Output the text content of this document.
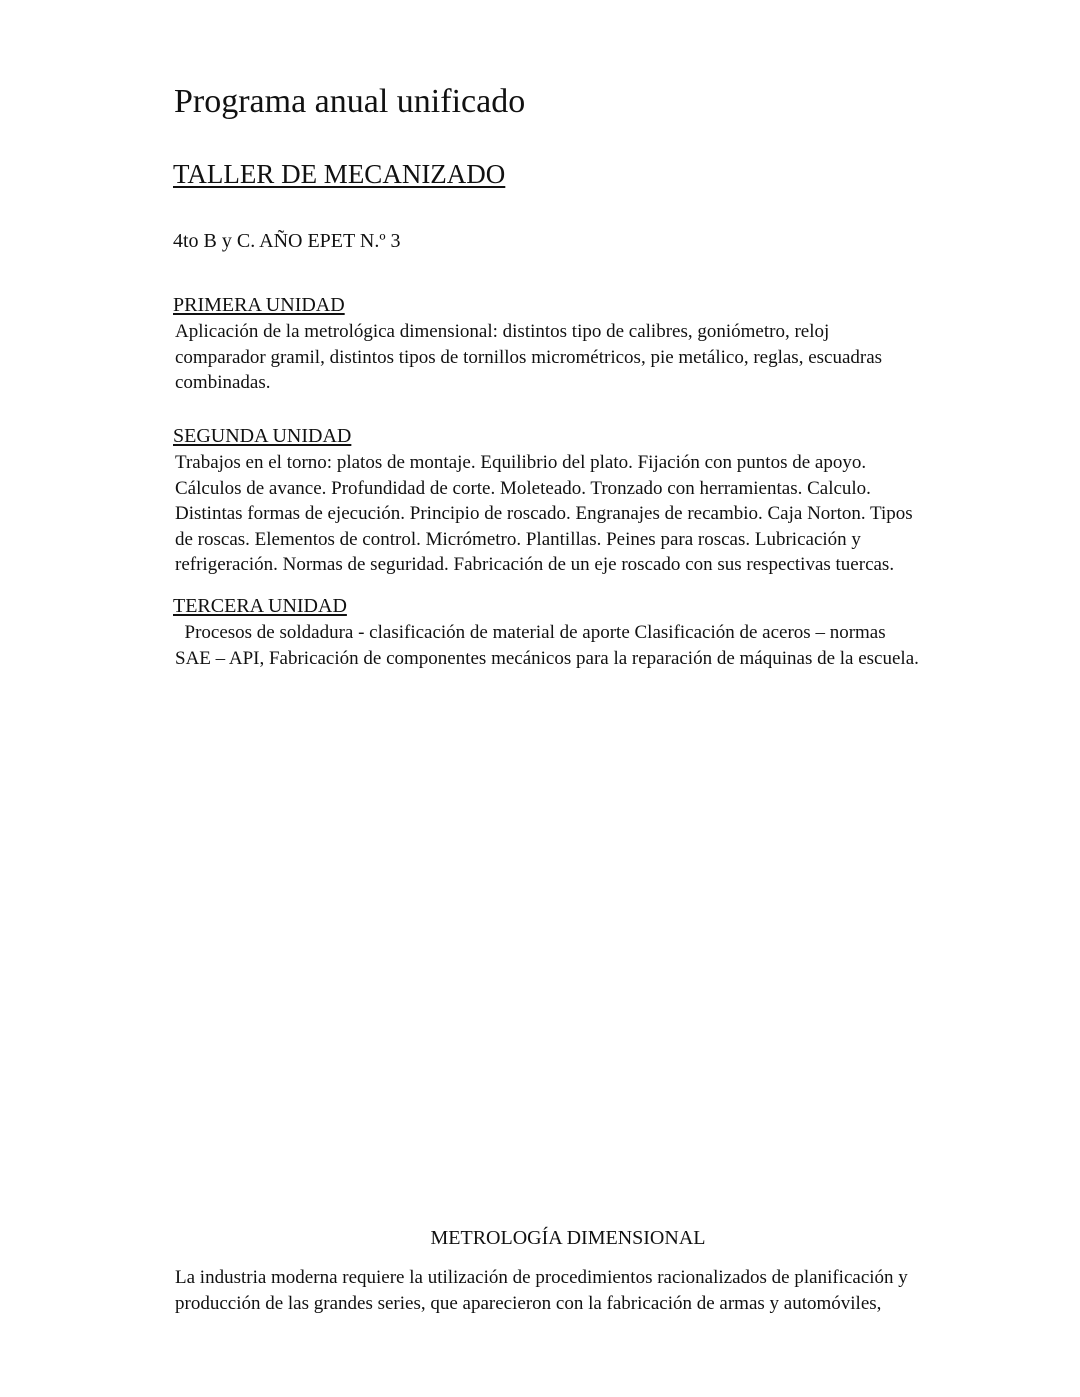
Programa anual unificado
TALLER DE MECANIZADO

4to B y C. AÑO EPET N.º 3

PRIMERA UNIDAD

Aplicación de la metrológica dimensional: distintos tipo de calibres, goniómetro, reloj
comparador gramil, distintos tipos de tornillos micrométricos, pie metálico, reglas, escuadras
combinadas.

SEGUNDA UNIDAD

Trabajos en el torno: platos de montaje. Equilibrio del plato. Fijación con puntos de apoyo.
Cálculos de avance. Profundidad de corte. Moleteado. Tronzado con herramientas. Calculo.
Distintas formas de ejecución. Principio de roscado. Engranajes de recambio. Caja Norton. Tipos
de roscas. Elementos de control. Micrómetro. Plantillas. Peines para roscas. Lubricación y
refrigeración. Normas de seguridad. Fabricación de un eje roscado con sus respectivas tuercas.

TERCERA UNIDAD

Procesos de soldadura - clasificación de material de aporte Clasificación de aceros – normas
SAE – API, Fabricación de componentes mecánicos para la reparación de máquinas de la escuela.

METROLOGÍA DIMENSIONAL

La industria moderna requiere la utilización de procedimientos racionalizados de planificación y
producción de las grandes series, que aparecieron con la fabricación de armas y automóviles,
